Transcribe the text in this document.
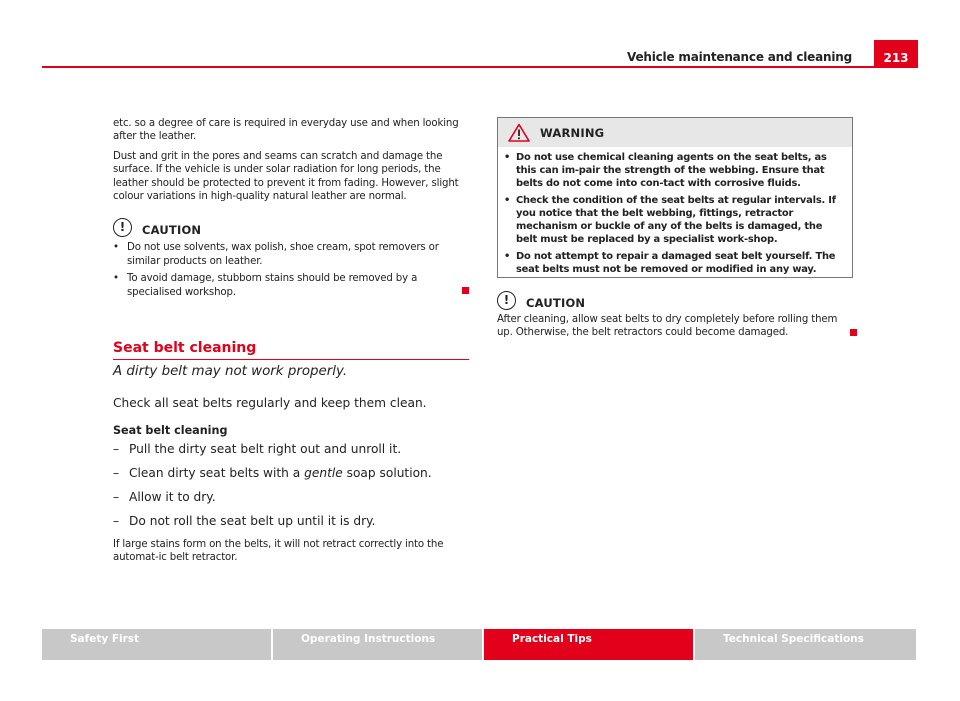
Vehicle maintenance and cleaning	213

etc. so a degree of care is required in everyday use and when looking after the leather.

Dust and grit in the pores and seams can scratch and damage the surface. If the vehicle is under solar radiation for long periods, the leather should be protected to prevent it from fading. However, slight colour variations in high-quality natural leather are normal.

!	CAUTION
• Do not use solvents, wax polish, shoe cream, spot removers or similar products on leather.
• To avoid damage, stubborn stains should be removed by a specialised workshop.
Seat belt cleaning
A dirty belt may not work properly.

Check all seat belts regularly and keep them clean.

Seat belt cleaning

– Pull the dirty seat belt right out and unroll it.
– Clean dirty seat belts with a gentle soap solution.
– Allow it to dry.
– Do not roll the seat belt up until it is dry.

If large stains form on the belts, it will not retract correctly into the automat-ic belt retractor.

WARNING
• Do not use chemical cleaning agents on the seat belts, as this can im-pair the strength of the webbing. Ensure that belts do not come into con-tact with corrosive fluids.
• Check the condition of the seat belts at regular intervals. If you notice that the belt webbing, fittings, retractor mechanism or buckle of any of the belts is damaged, the belt must be replaced by a specialist work-shop.
• Do not attempt to repair a damaged seat belt yourself. The seat belts must not be removed or modified in any way.
!	CAUTION

After cleaning, allow seat belts to dry completely before rolling them up. Otherwise, the belt retractors could become damaged.

Safety First	Operating Instructions	Practical Tips	Technical Specifications
